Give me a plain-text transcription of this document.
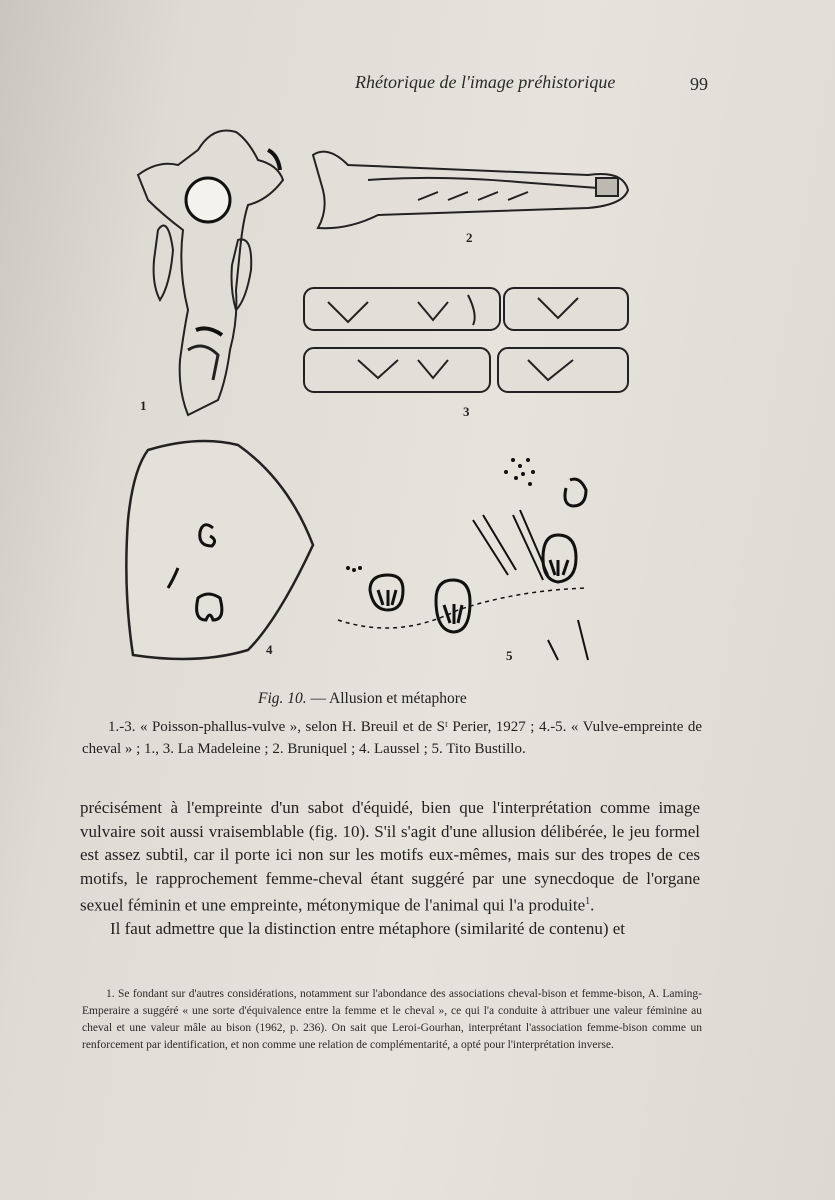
Rhétorique de l'image préhistorique	99
1
2
3
4	5
Fig. 10. — Allusion et métaphore
1.-3. « Poisson-phallus-vulve », selon H. Breuil et de Sᵗ Perier, 1927 ; 4.-5. « Vulve-empreinte de cheval » ; 1., 3. La Madeleine ; 2. Bruniquel ; 4. Laussel ; 5. Tito Bustillo.

précisément à l'empreinte d'un sabot d'équidé, bien que l'interprétation comme image vulvaire soit aussi vraisemblable (fig. 10). S'il s'agit d'une allusion délibérée, le jeu formel est assez subtil, car il porte ici non sur les motifs eux-mêmes, mais sur des tropes de ces motifs, le rapprochement femme-cheval étant suggéré par une synecdoque de l'organe sexuel féminin et une empreinte, métonymique de l'animal qui l'a produite$^1$.

Il faut admettre que la distinction entre métaphore (similarité de contenu) et

1. Se fondant sur d'autres considérations, notamment sur l'abondance des associations cheval-bison et femme-bison, A. Laming-Emperaire a suggéré « une sorte d'équivalence entre la femme et le cheval », ce qui l'a conduite à attribuer une valeur féminine au cheval et une valeur mâle au bison (1962, p. 236). On sait que Leroi-Gourhan, interprétant l'association femme-bison comme un renforcement par identification, et non comme une relation de complémentarité, a opté pour l'interprétation inverse.
